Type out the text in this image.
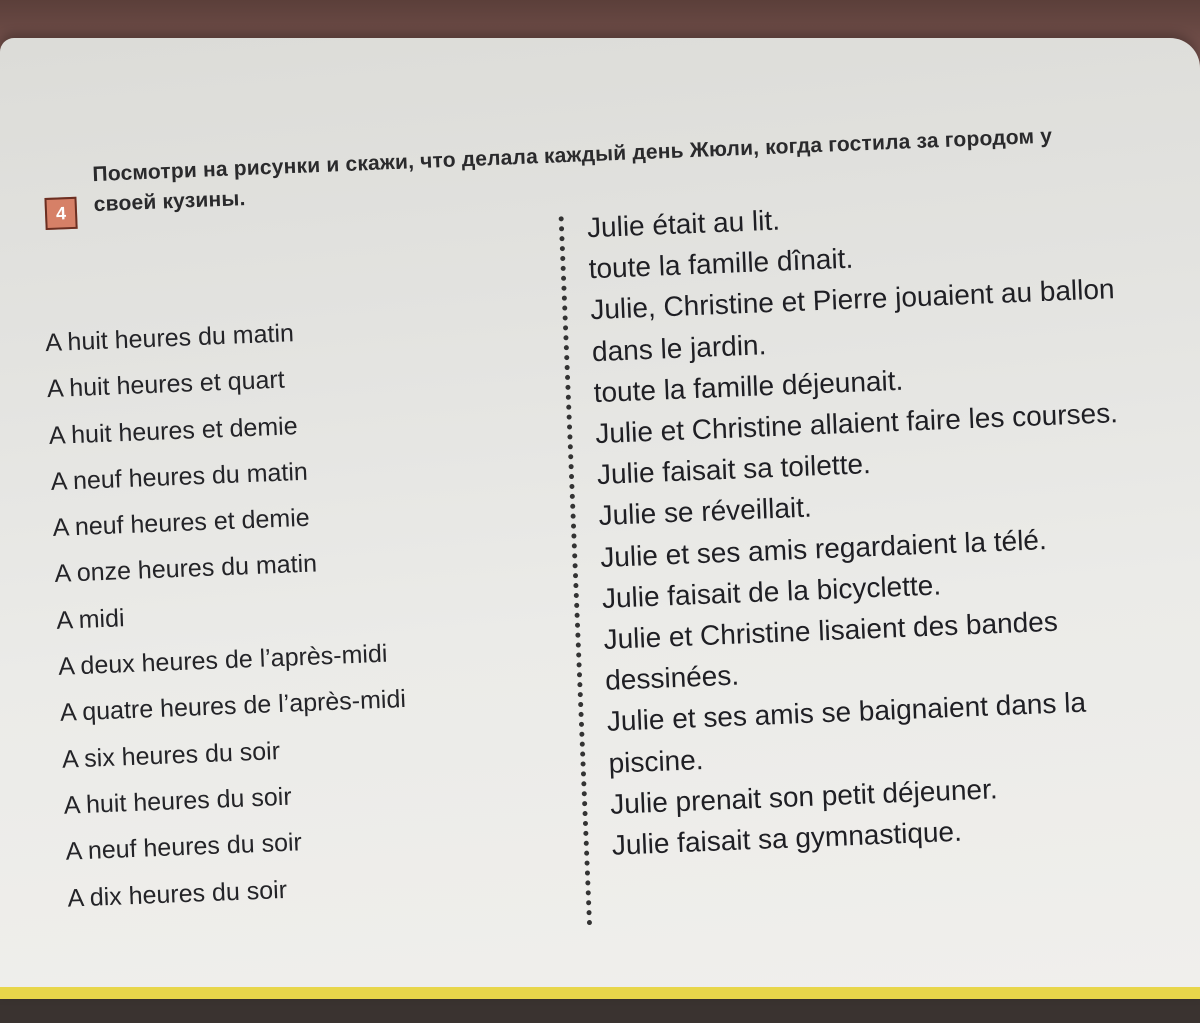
4
Посмотри на рисунки и скажи, что делала каждый день Жюли, когда гостила за городом у своей кузины.
A huit heures du matin
A huit heures et quart
A huit heures et demie
A neuf heures du matin
A neuf heures et demie
A onze heures du matin
A midi
A deux heures de l’après-midi
A quatre heures de l’après-midi
A six heures du soir
A huit heures du soir
A neuf heures du soir
A dix heures du soir
Julie était au lit.
toute la famille dînait.
Julie, Christine et Pierre jouaient au ballon dans le jardin.
toute la famille déjeunait.
Julie et Christine allaient faire les courses.
Julie faisait sa toilette.
Julie se réveillait.
Julie et ses amis regardaient la télé.
Julie faisait de la bicyclette.
Julie et Christine lisaient des bandes dessinées.
Julie et ses amis se baignaient dans la piscine.
Julie prenait son petit déjeuner.
Julie faisait sa gymnastique.
